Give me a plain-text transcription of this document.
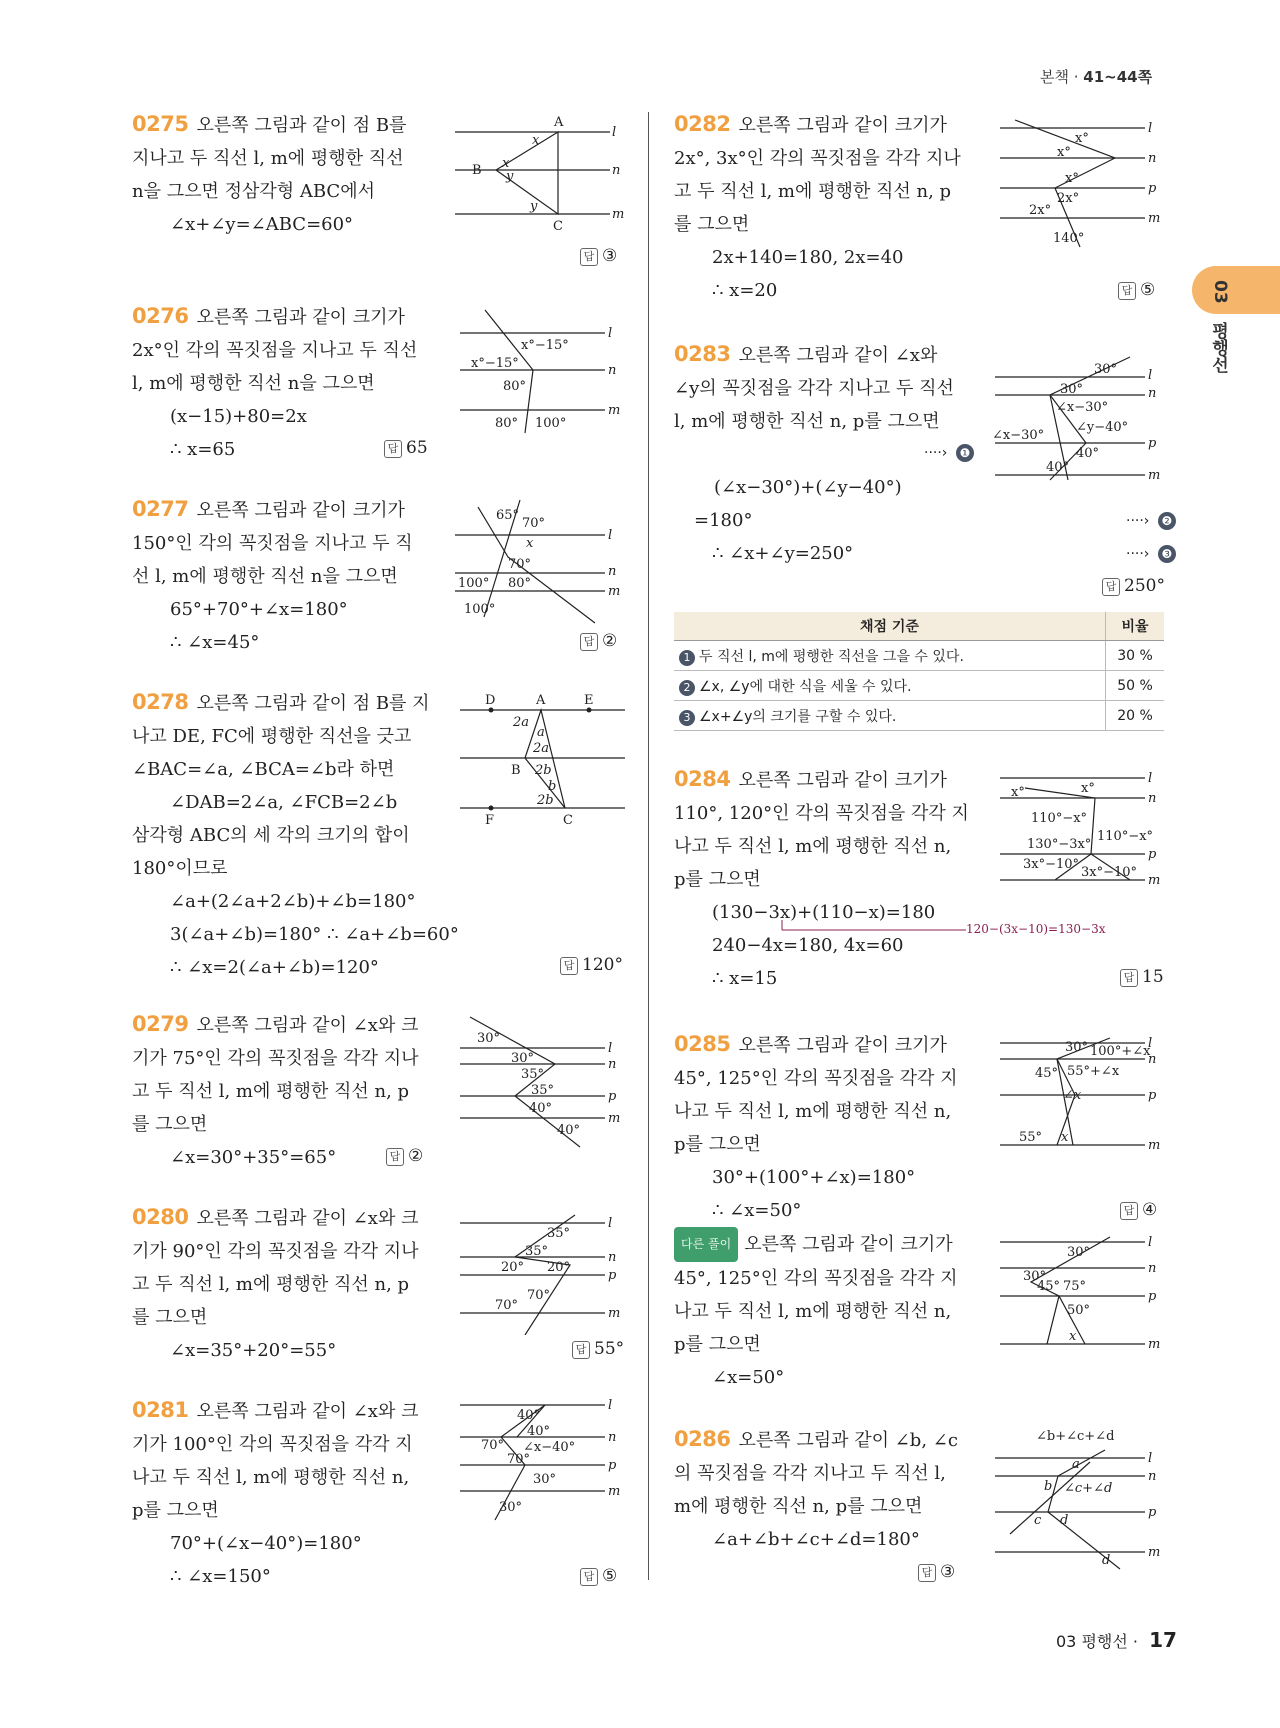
본책 · 41~44쪽
03
평행선
0275 오른쪽 그림과 같이 점 B를
지나고 두 직선 l, m에 평행한 직선
n을 그으면 정삼각형 ABC에서
∠x+∠y=∠ABC=60°
답 ③
A
B
C
l
n
m
x
x
y
y
0276 오른쪽 그림과 같이 크기가
2x°인 각의 꼭짓점을 지나고 두 직선
l, m에 평행한 직선 n을 그으면
(x−15)+80=2x
∴ x=65	답 65
x°−15°
x°−15°
80°
80° 100°
l
n
m
0277 오른쪽 그림과 같이 크기가
150°인 각의 꼭짓점을 지나고 두 직
선 l, m에 평행한 직선 n을 그으면
65°+70°+∠x=180°
∴ ∠x=45°	답 ②
65°
70°
x
70°
80°
100°
100°
l
n
m
0278 오른쪽 그림과 같이 점 B를 지
나고 DE, FC에 평행한 직선을 긋고
∠BAC=∠a, ∠BCA=∠b라 하면
∠DAB=2∠a, ∠FCB=2∠b
삼각형 ABC의 세 각의 크기의 합이
180°이므로
∠a+(2∠a+2∠b)+∠b=180°
3(∠a+∠b)=180° ∴ ∠a+∠b=60°
∴ ∠x=2(∠a+∠b)=120°	답 120°
D	A	E
2a
a
2a
B 2b
b
2b
F	C
0279 오른쪽 그림과 같이 ∠x와 크
기가 75°인 각의 꼭짓점을 각각 지나
고 두 직선 l, m에 평행한 직선 n, p
를 그으면
∠x=30°+35°=65°	답 ②
30°
30°
35°
35°
40°
40°
l
n
p
m
0280 오른쪽 그림과 같이 ∠x와 크
기가 90°인 각의 꼭짓점을 각각 지나
고 두 직선 l, m에 평행한 직선 n, p
를 그으면
∠x=35°+20°=55°	답 55°
35°
35°
20° 20°
70°
70°
l
n
p
m
0281 오른쪽 그림과 같이 ∠x와 크
기가 100°인 각의 꼭짓점을 각각 지
나고 두 직선 l, m에 평행한 직선 n,
p를 그으면
70°+(∠x−40°)=180°
∴ ∠x=150°	답 ⑤
40°
40°
70° ∠x−40°
70°
30°
30°
l
n
p
m
0282 오른쪽 그림과 같이 크기가
2x°, 3x°인 각의 꼭짓점을 각각 지나
고 두 직선 l, m에 평행한 직선 n, p
를 그으면
2x+140=180, 2x=40
∴ x=20	답 ⑤
x°
x°
x°
2x°
2x°
140°
l
n
p
m
0283 오른쪽 그림과 같이 ∠x와
∠y의 꼭짓점을 각각 지나고 두 직선
l, m에 평행한 직선 n, p를 그으면

(∠x−30°)+(∠y−40°)
=180°
∴ ∠x+∠y=250°
····› ❶
····› ❷
····› ❸
답 250°
30°
30°
∠x−30°
∠x−30°
∠y−40°
40°
40°
l
n
p
m
채점 기준	비율
1 두 직선 l, m에 평행한 직선을 그을 수 있다.	30 %
2 ∠x, ∠y에 대한 식을 세울 수 있다.	50 %
3 ∠x+∠y의 크기를 구할 수 있다.	20 %
0284 오른쪽 그림과 같이 크기가
110°, 120°인 각의 꼭짓점을 각각 지
나고 두 직선 l, m에 평행한 직선 n,
p를 그으면
(130−3x)+(110−x)=180
240−4x=180, 4x=60
∴ x=15
120−(3x−10)=130−3x
답 15
x°	x°
110°−x°
110°−x°
130°−3x°
3x°−10°
3x°−10°
l
n
p
m
0285 오른쪽 그림과 같이 크기가
45°, 125°인 각의 꼭짓점을 각각 지
나고 두 직선 l, m에 평행한 직선 n,
p를 그으면
30°+(100°+∠x)=180°
∴ ∠x=50°
다른 풀이 오른쪽 그림과 같이 크기가
45°, 125°인 각의 꼭짓점을 각각 지
나고 두 직선 l, m에 평행한 직선 n,
p를 그으면
∠x=50°
답 ④
30° 100°+∠x
45° 55°+∠x
∠x
55° x
l
n
p
m
30°
30°
45° 75°
50°
x
l
n
p
m
0286 오른쪽 그림과 같이 ∠b, ∠c
의 꼭짓점을 각각 지나고 두 직선 l,
m에 평행한 직선 n, p를 그으면
∠a+∠b+∠c+∠d=180°
답 ③
∠b+∠c+∠d
a
b ∠c+∠d
c d
d
l
n
p
m
03 평행선 · 17
